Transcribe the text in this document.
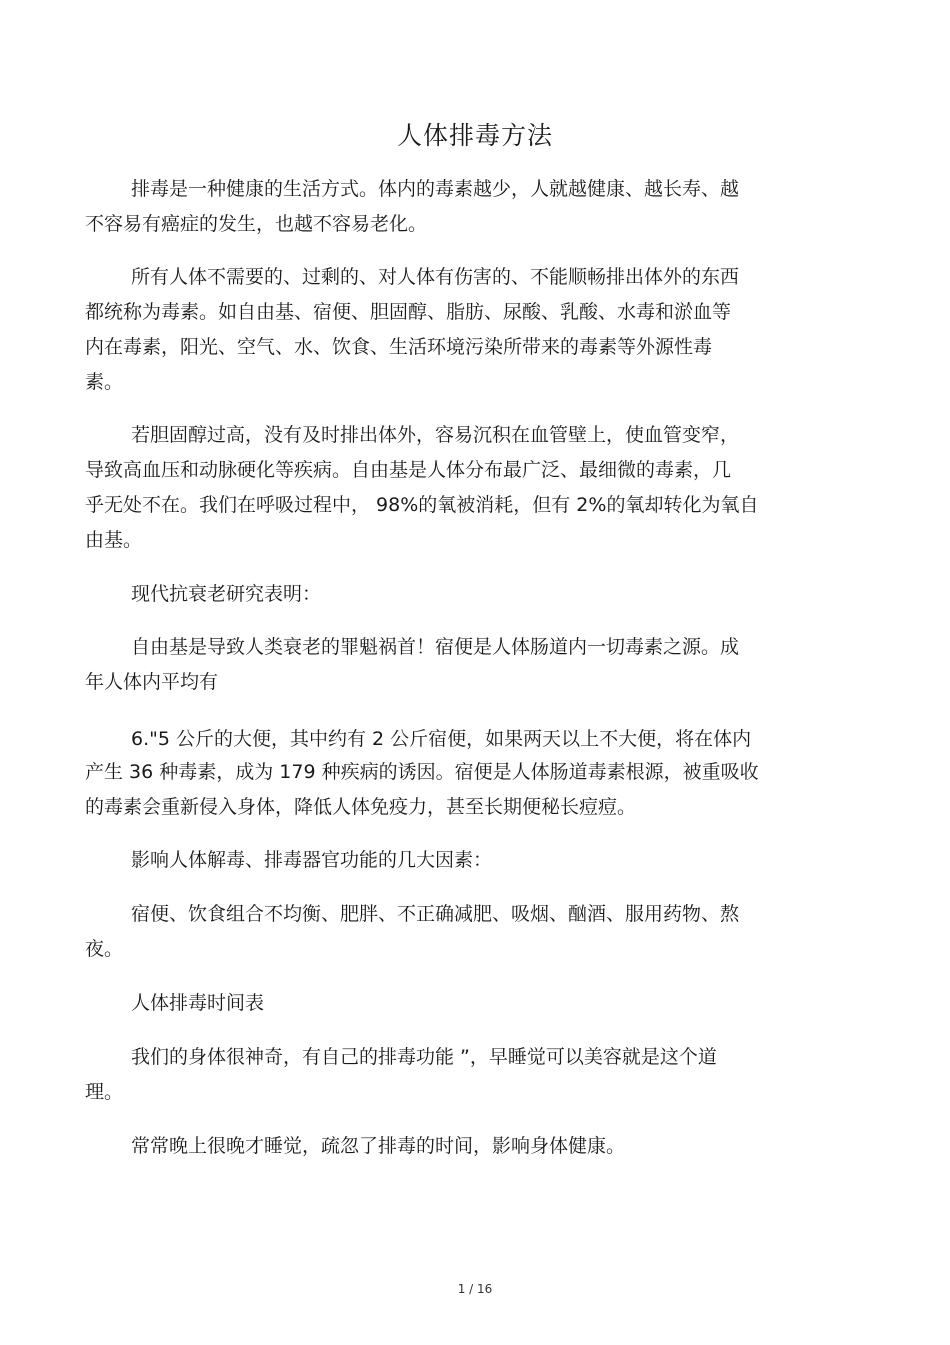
人体排毒方法

排毒是一种健康的生活方式。体内的毒素越少，人就越健康、越长寿、越

不容易有癌症的发生，也越不容易老化。

所有人体不需要的、过剩的、对人体有伤害的、不能顺畅排出体外的东西

都统称为毒素。如自由基、宿便、胆固醇、脂肪、尿酸、乳酸、水毒和淤血等

内在毒素，阳光、空气、水、饮食、生活环境污染所带来的毒素等外源性毒

素。

若胆固醇过高，没有及时排出体外，容易沉积在血管壁上，使血管变窄，

导致高血压和动脉硬化等疾病。自由基是人体分布最广泛、最细微的毒素，几

乎无处不在。我们在呼吸过程中， 98%的氧被消耗，但有 2%的氧却转化为氧自

由基。

现代抗衰老研究表明：

自由基是导致人类衰老的罪魁祸首！宿便是人体肠道内一切毒素之源。成

年人体内平均有

6."5 公斤的大便，其中约有 2 公斤宿便，如果两天以上不大便，将在体内

产生 36 种毒素，成为 179 种疾病的诱因。宿便是人体肠道毒素根源，被重吸收

的毒素会重新侵入身体，降低人体免疫力，甚至长期便秘长痘痘。

影响人体解毒、排毒器官功能的几大因素：

宿便、饮食组合不均衡、肥胖、不正确减肥、吸烟、酗酒、服用药物、熬

夜。

人体排毒时间表

我们的身体很神奇，有自己的排毒功能 ”，早睡觉可以美容就是这个道

理。

常常晚上很晚才睡觉，疏忽了排毒的时间，影响身体健康。

1 / 16
